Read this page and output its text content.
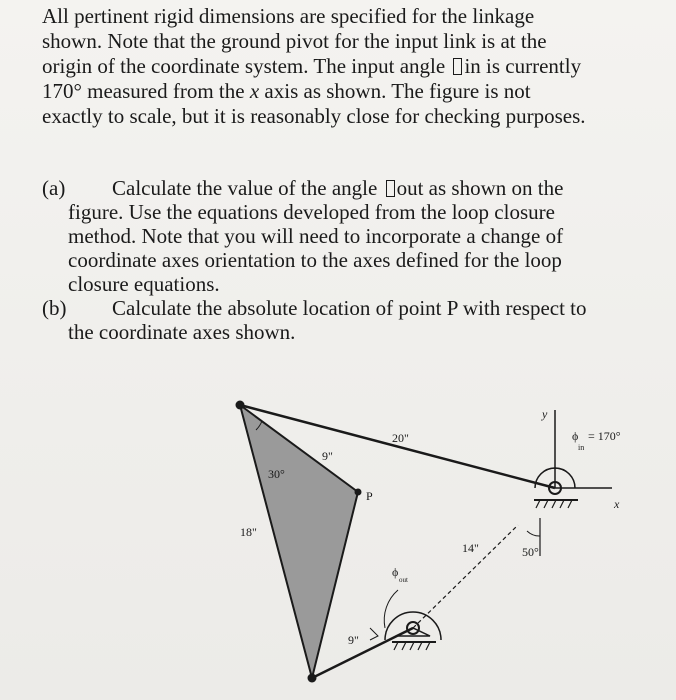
All pertinent rigid dimensions are specified for the linkage
shown. Note that the ground pivot for the input link is at the
origin of the coordinate system. The input angle in is currently
170° measured from the x axis as shown. The figure is not
exactly to scale, but it is reasonably close for checking purposes.
(a) Calculate the value of the angle out as shown on the
figure. Use the equations developed from the loop closure
method. Note that you will need to incorporate a change of
coordinate axes orientation to the axes defined for the loop
closure equations.
(b) Calculate the absolute location of point P with respect to
the coordinate axes shown.
20"
9"
30°
P
18"
14"	50°
9"
y
x
ϕ
in
= 170°
ϕ
out
